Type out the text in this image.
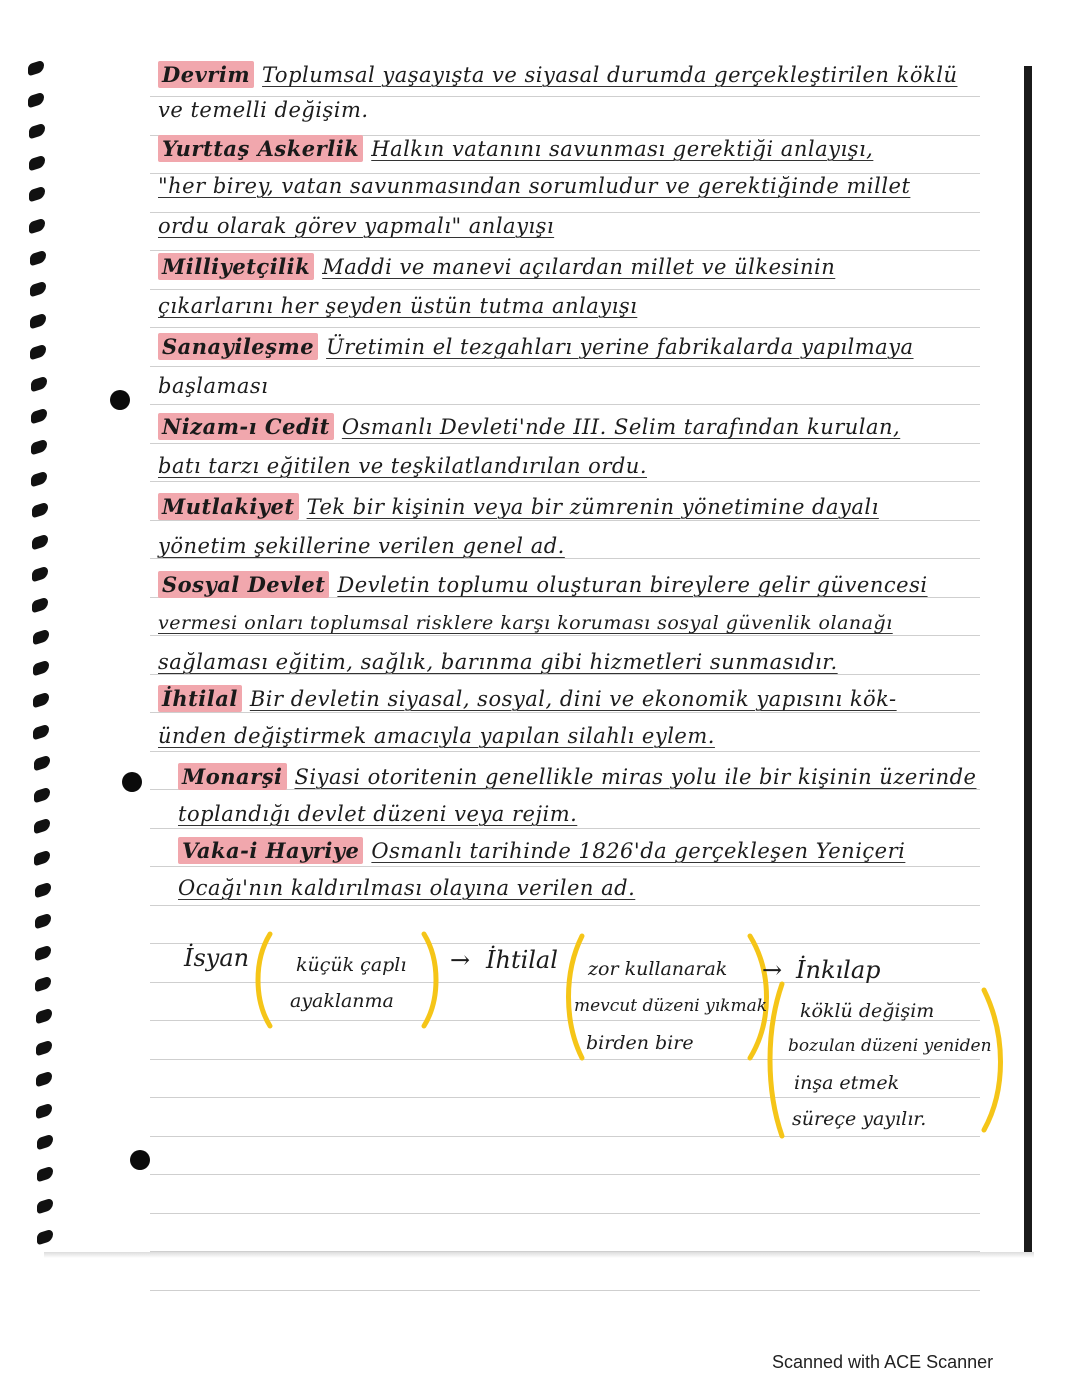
Devrim Toplumsal yaşayışta ve siyasal durumda gerçekleştirilen köklü
ve temelli değişim.
Yurttaş Askerlik Halkın vatanını savunması gerektiği anlayışı,
"her birey, vatan savunmasından sorumludur ve gerektiğinde millet
ordu olarak görev yapmalı" anlayışı
Milliyetçilik Maddi ve manevi açılardan millet ve ülkesinin
çıkarlarını her şeyden üstün tutma anlayışı
Sanayileşme Üretimin el tezgahları yerine fabrikalarda yapılmaya
başlaması
Nizam-ı Cedit Osmanlı Devleti'nde III. Selim tarafından kurulan,
batı tarzı eğitilen ve teşkilatlandırılan ordu.
Mutlakiyet Tek bir kişinin veya bir zümrenin yönetimine dayalı
yönetim şekillerine verilen genel ad.
Sosyal Devlet Devletin toplumu oluşturan bireylere gelir güvencesi
vermesi onları toplumsal risklere karşı koruması sosyal güvenlik olanağı
sağlaması eğitim, sağlık, barınma gibi hizmetleri sunmasıdır.
İhtilal Bir devletin siyasal, sosyal, dini ve ekonomik yapısını kök-
ünden değiştirmek amacıyla yapılan silahlı eylem.
Monarşi Siyasi otoritenin genellikle miras yolu ile bir kişinin üzerinde
toplandığı devlet düzeni veya rejim.
Vaka-i Hayriye Osmanlı tarihinde 1826'da gerçekleşen Yeniçeri
Ocağı'nın kaldırılması olayına verilen ad.
İsyan küçük çaplı
ayaklanma
→ İhtilal zor kullanarak
mevcut düzeni yıkmak
birden bire
→ İnkılap
köklü değişim
bozulan düzeni yeniden
inşa etmek
süreçe yayılır.
Scanned with ACE Scanner
